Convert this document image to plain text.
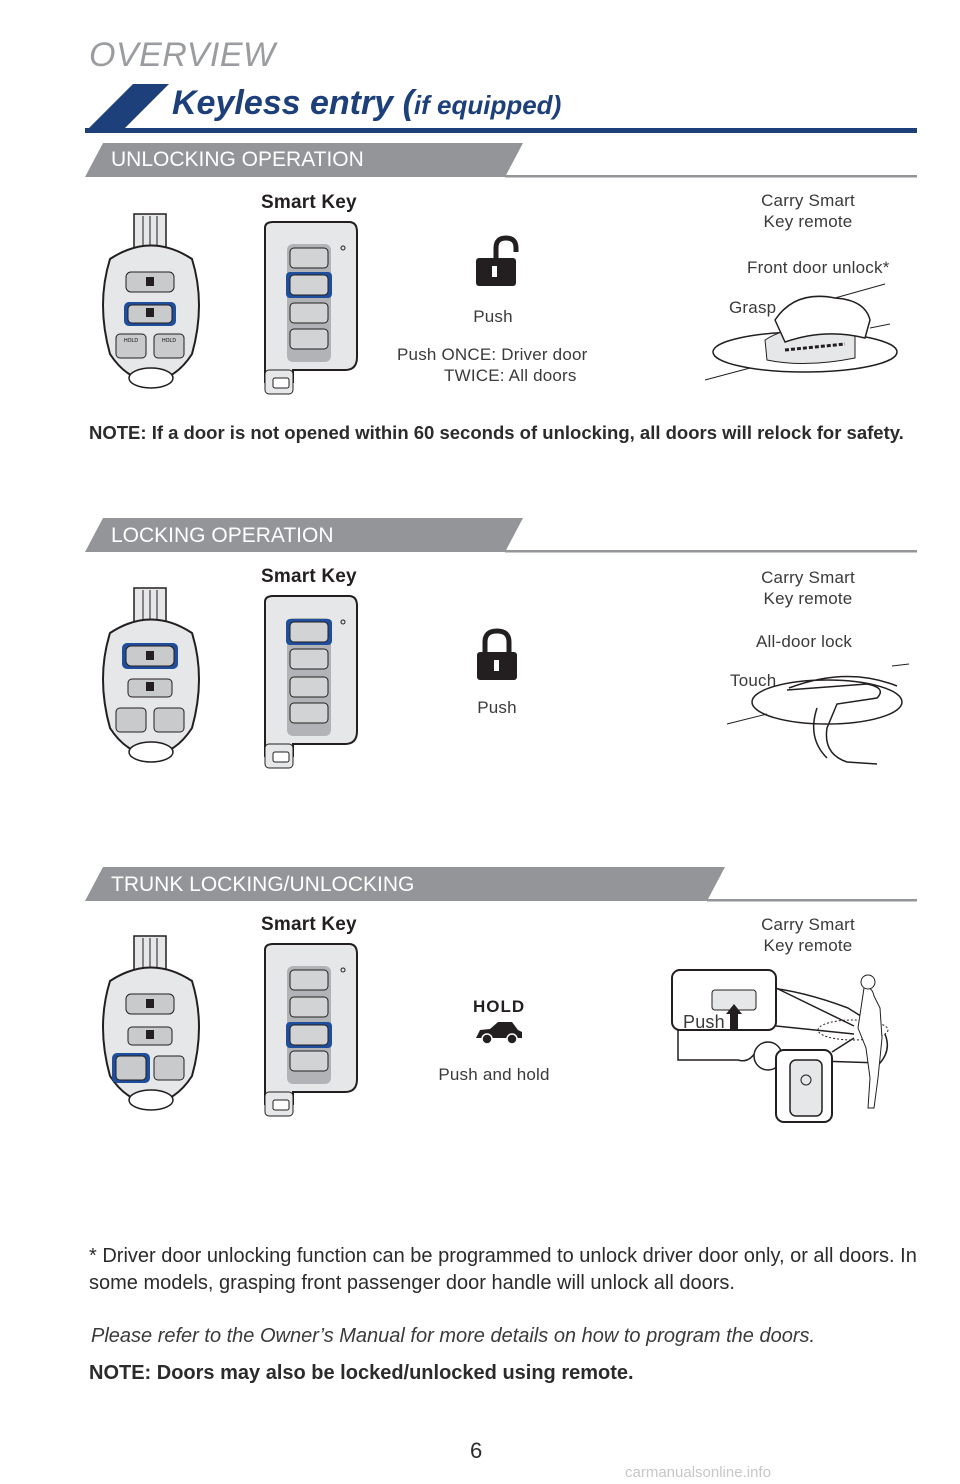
OVERVIEW
Keyless entry (if equipped)
UNLOCKING OPERATION
Smart Key
HOLD	HOLD
Push
Push ONCE: Driver door
TWICE: All doors
Carry Smart
Key remote
Front door unlock*
Grasp
NOTE: If a door is not opened within 60 seconds of unlocking, all doors will relock for safety.
LOCKING OPERATION
Smart Key
Push
Carry Smart
Key remote
All-door lock
Touch
TRUNK LOCKING/UNLOCKING
Smart Key
HOLD
Push and hold
Carry Smart
Key remote
Push
* Driver door unlocking function can be programmed to unlock driver door only, or all doors. In some models, grasping front passenger door handle will unlock all doors.
Please refer to the Owner’s Manual for more details on how to program the doors.
NOTE: Doors may also be locked/unlocked using remote.
6
carmanualsonline.info
